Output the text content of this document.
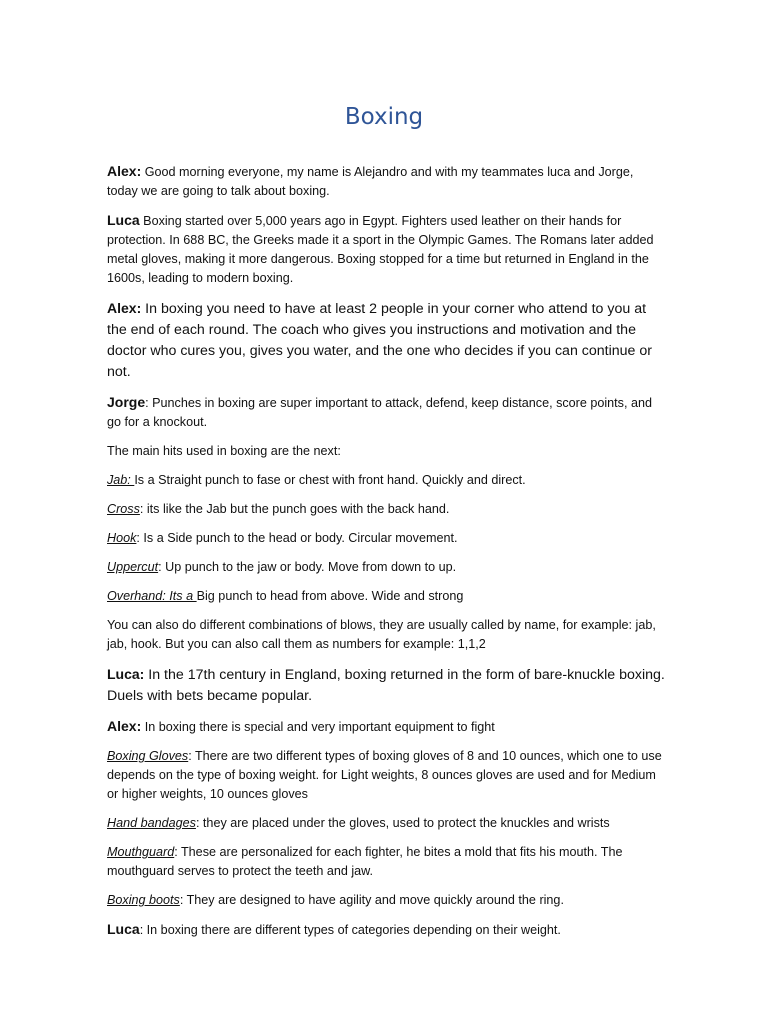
Boxing

Alex: Good morning everyone, my name is Alejandro and with my teammates luca and Jorge, today we are going to talk about boxing.

Luca Boxing started over 5,000 years ago in Egypt. Fighters used leather on their hands for protection. In 688 BC, the Greeks made it a sport in the Olympic Games. The Romans later added metal gloves, making it more dangerous. Boxing stopped for a time but returned in England in the 1600s, leading to modern boxing.

Alex: In boxing you need to have at least 2 people in your corner who attend to you at the end of each round. The coach who gives you instructions and motivation and the doctor who cures you, gives you water, and the one who decides if you can continue or not.

Jorge: Punches in boxing are super important to attack, defend, keep distance, score points, and go for a knockout.

The main hits used in boxing are the next:

Jab: Is a Straight punch to fase or chest with front hand. Quickly and direct.

Cross: its like the Jab but the punch goes with the back hand.

Hook: Is a Side punch to the head or body. Circular movement.

Uppercut: Up punch to the jaw or body. Move from down to up.

Overhand: Its a Big punch to head from above. Wide and strong

You can also do different combinations of blows, they are usually called by name, for example: jab, jab, hook. But you can also call them as numbers for example: 1,1,2

Luca: In the 17th century in England, boxing returned in the form of bare-knuckle boxing. Duels with bets became popular.

Alex: In boxing there is special and very important equipment to fight

Boxing Gloves: There are two different types of boxing gloves of 8 and 10 ounces, which one to use depends on the type of boxing weight. for Light weights, 8 ounces gloves are used and for Medium or higher weights, 10 ounces gloves

Hand bandages: they are placed under the gloves, used to protect the knuckles and wrists

Mouthguard: These are personalized for each fighter, he bites a mold that fits his mouth. The mouthguard serves to protect the teeth and jaw.

Boxing boots: They are designed to have agility and move quickly around the ring.

Luca: In boxing there are different types of categories depending on their weight.
